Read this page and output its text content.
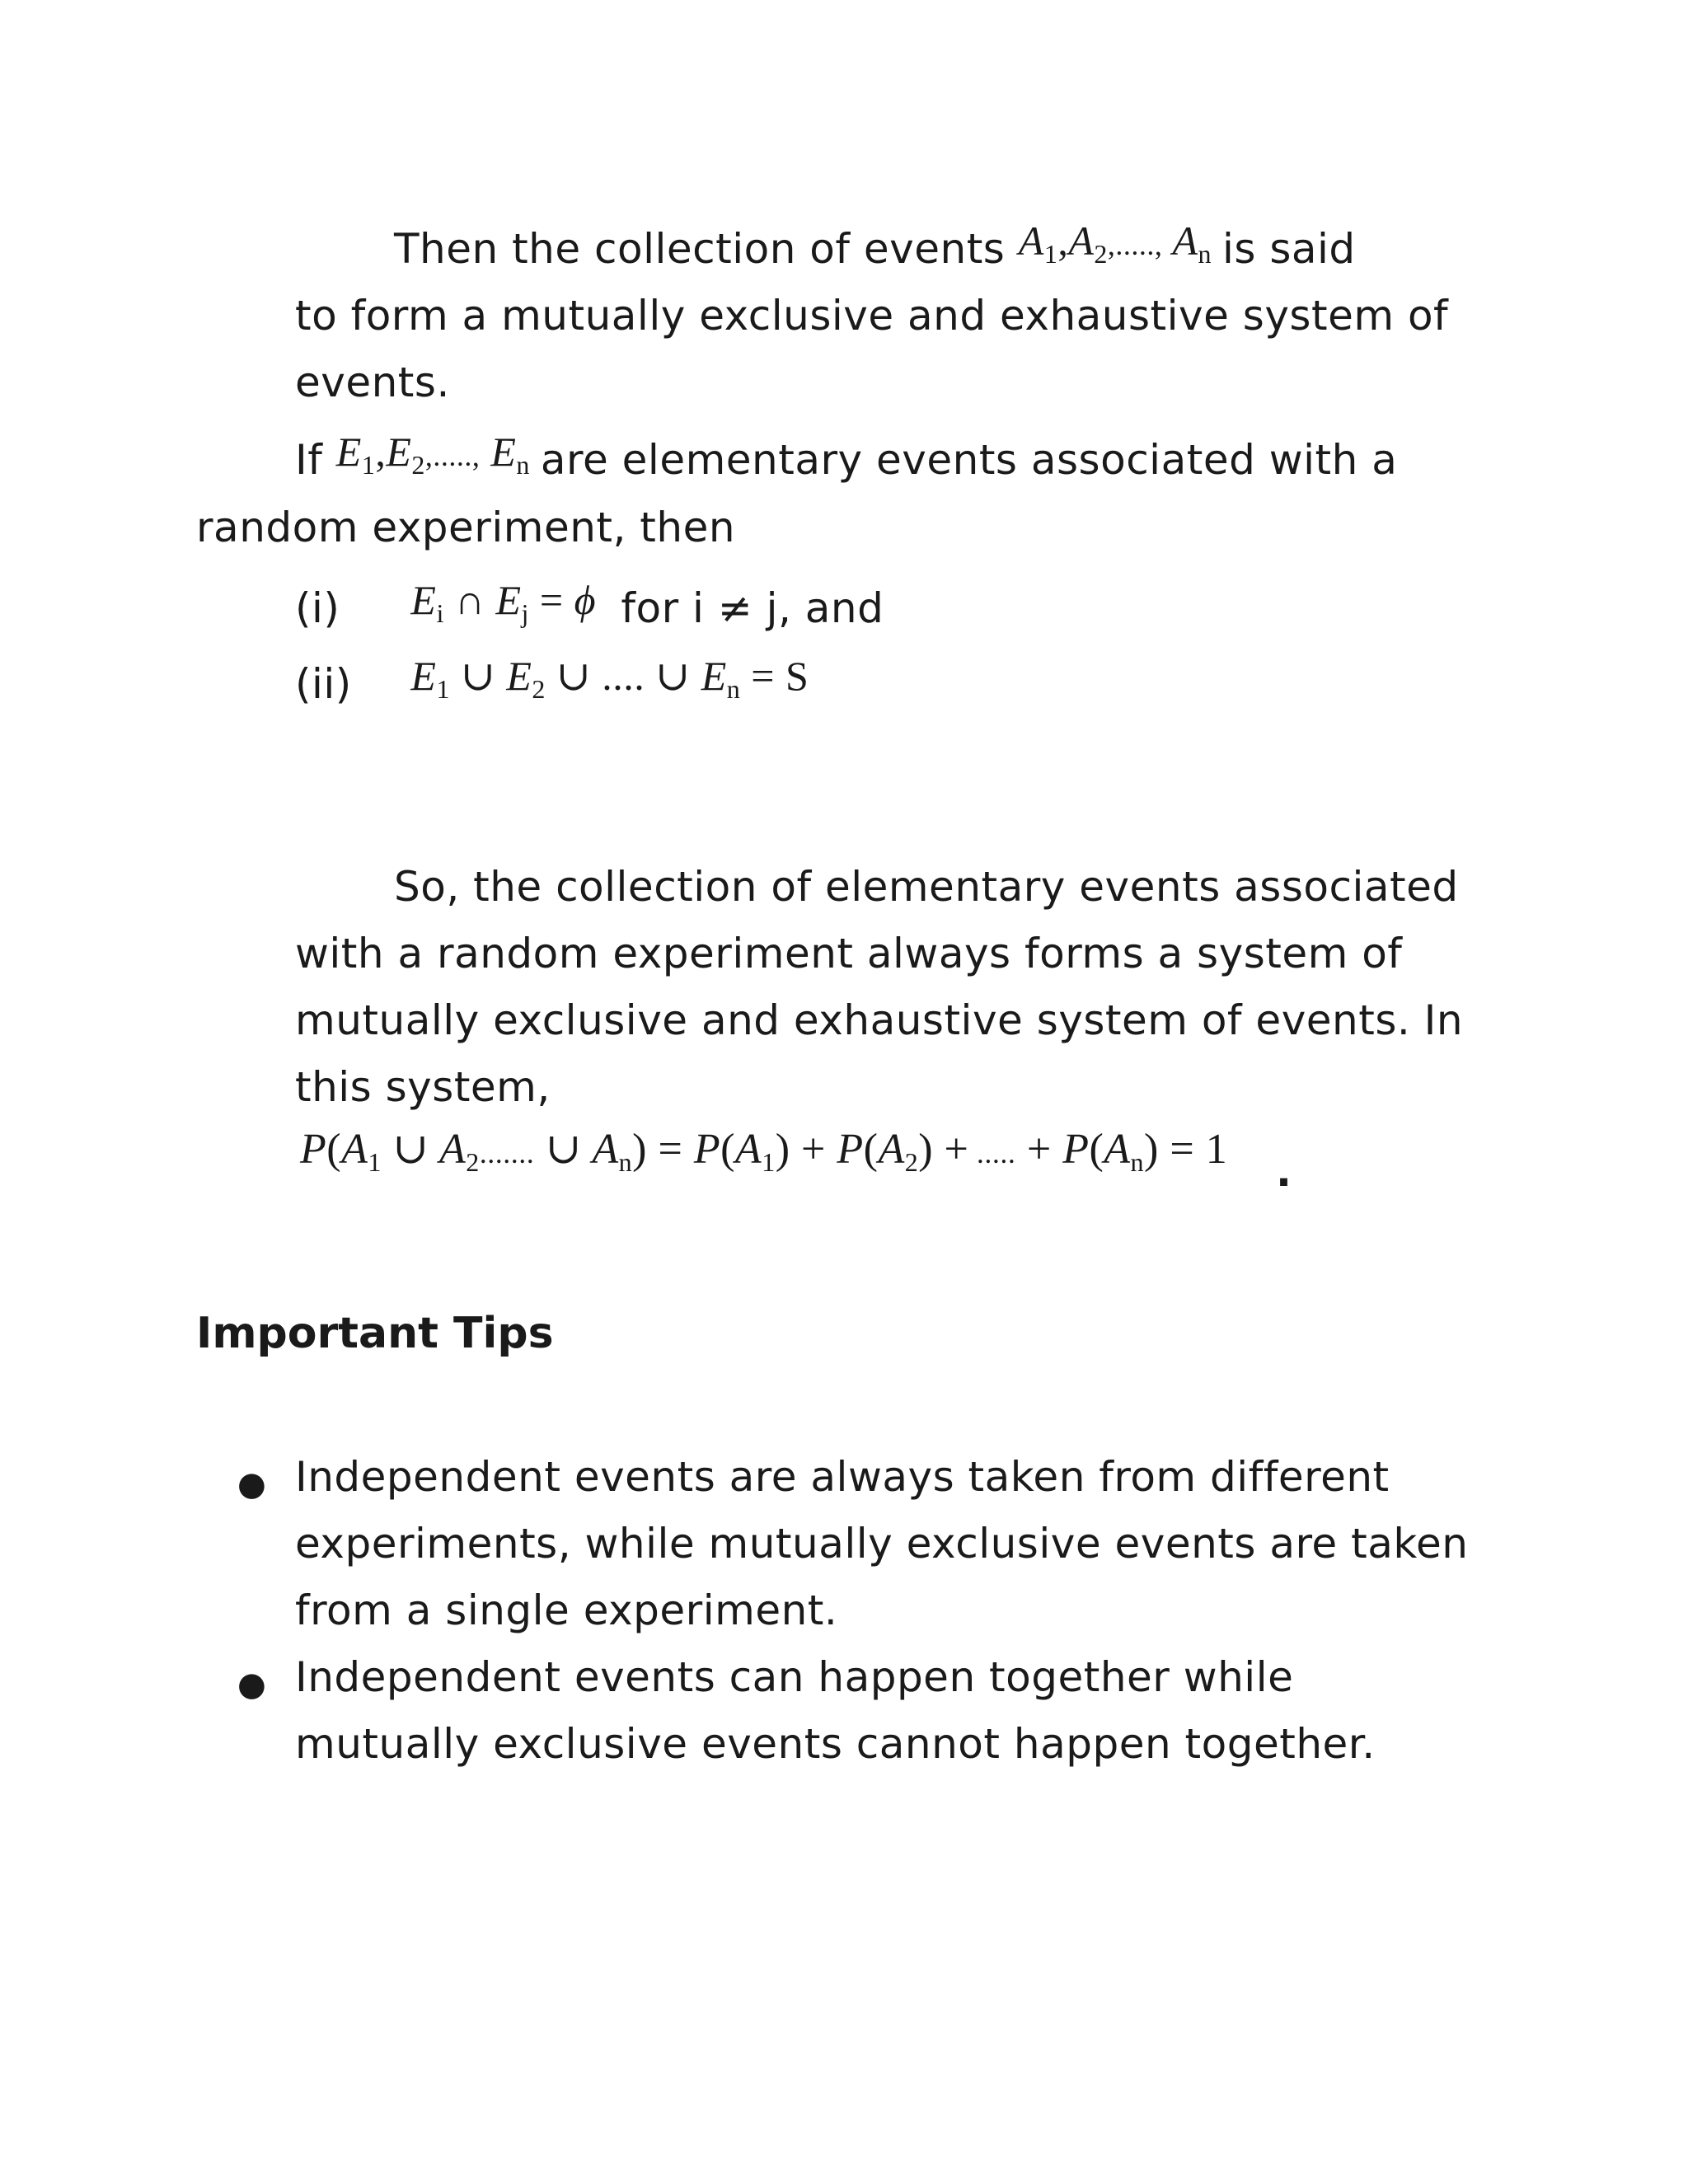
Then the collection of events $A_1,A_2$,....., $A_n$ is said
to form a mutually exclusive and exhaustive system of
events.
If $E_1,E_2$,....., $E_n$ are elementary events associated with a
random experiment, then
(i) $E_i$ ∩ $E_j = \phi$ for i ≠ j, and
(ii) $E_1$ ∪ $E_2$ ∪ .... ∪ $E_n = S$
So, the collection of elementary events associated
with a random experiment always forms a system of
mutually exclusive and exhaustive system of events. In
this system,
$P(A_1$ ∪ $A_2$....... ∪ $A_n) = P(A_1) + P(A_2)$ + ..... + $P(A_n) = 1$ .
Important Tips
● Independent events are always taken from different
experiments, while mutually exclusive events are taken
from a single experiment.
● Independent events can happen together while
mutually exclusive events cannot happen together.
